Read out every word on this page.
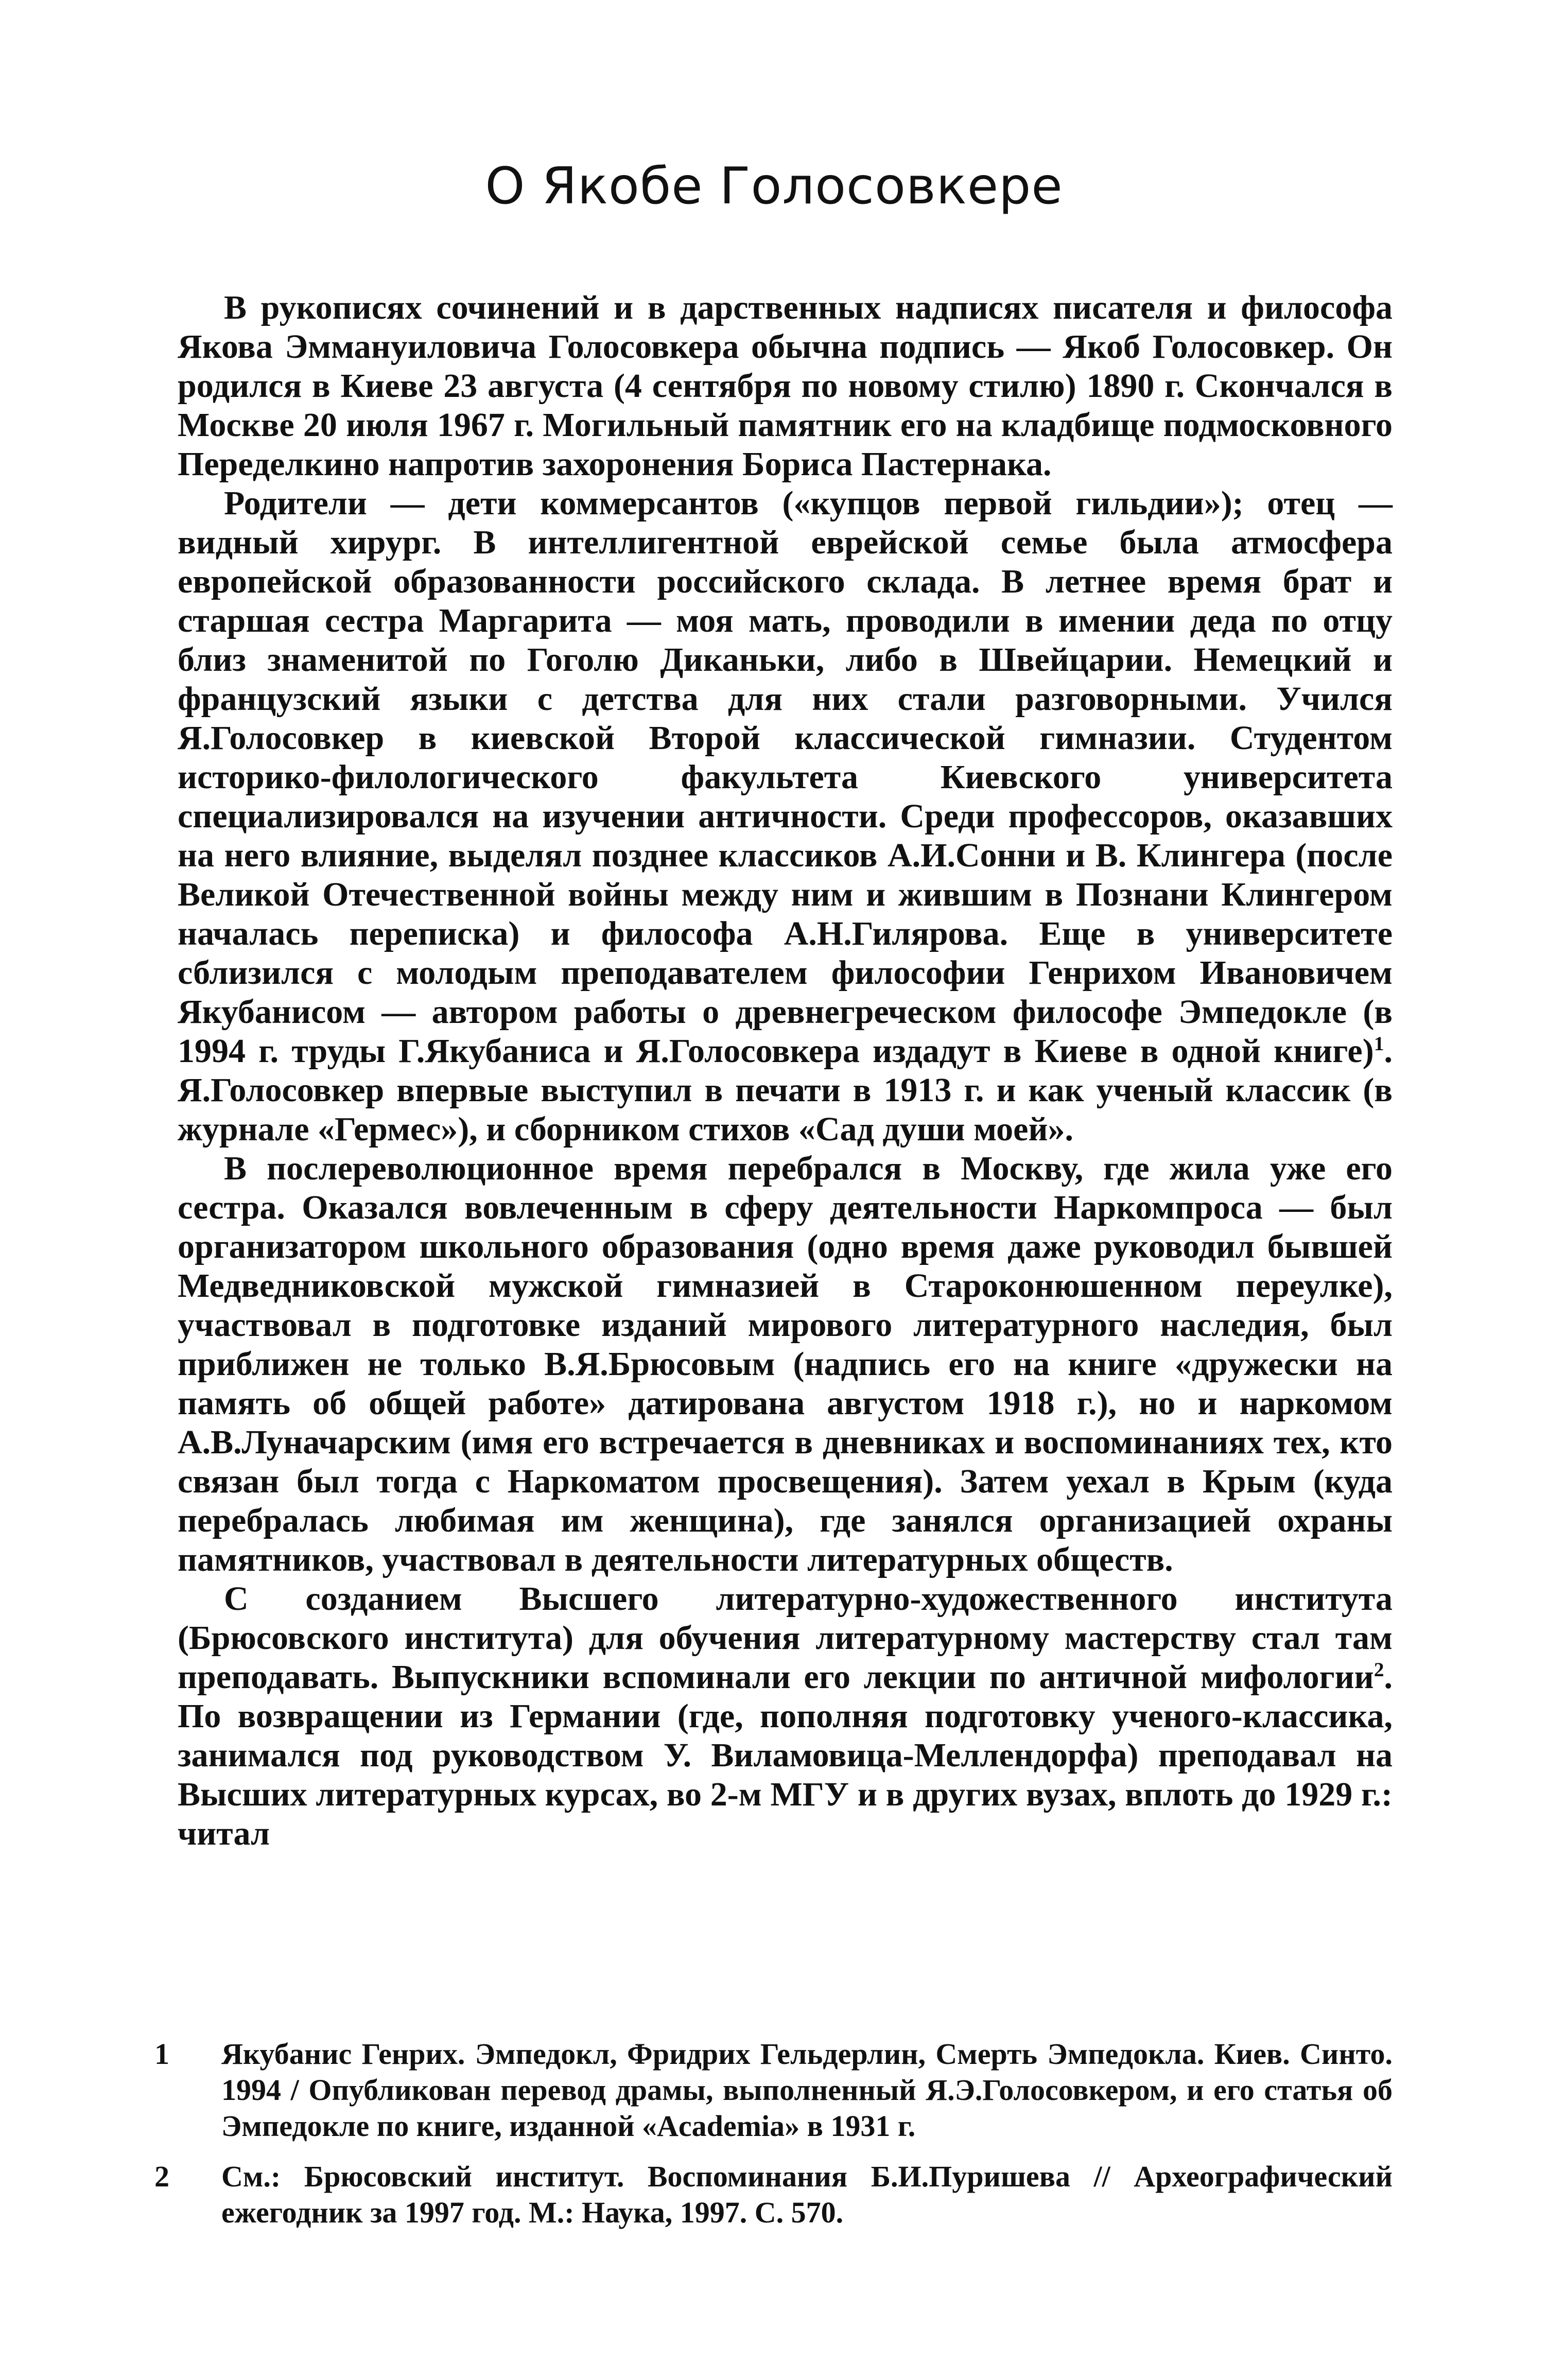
О Якобе Голосовкере

В рукописях сочинений и в дарственных надписях писателя и философа Якова Эммануиловича Голосовкера обычна подпись — Якоб Голосовкер. Он родился в Киеве 23 августа (4 сентября по новому стилю) 1890 г. Скончался в Москве 20 июля 1967 г. Могильный памятник его на кладбище подмосковного Переделкино напротив захоронения Бориса Пастернака.

Родители — дети коммерсантов («купцов первой гильдии»); отец — видный хирург. В интеллигентной еврейской семье была атмосфера европейской образованности российского склада. В летнее время брат и старшая сестра Маргарита — моя мать, проводили в имении деда по отцу близ знаменитой по Гоголю Диканьки, либо в Швейцарии. Немецкий и французский языки с детства для них стали разговорными. Учился Я.Голосовкер в киевской Второй классической гимназии. Студентом историко-филологического факультета Киевского университета специализировался на изучении античности. Среди профессоров, оказавших на него влияние, выделял позднее классиков А.И.Сонни и В. Клингера (после Великой Отечественной войны между ним и жившим в Познани Клингером началась переписка) и философа А.Н.Гилярова. Еще в университете сблизился с молодым преподавателем философии Генрихом Ивановичем Якубанисом — автором работы о древнегреческом философе Эмпедокле (в 1994 г. труды Г.Якубаниса и Я.Голосовкера издадут в Киеве в одной книге)$^1$. Я.Голосовкер впервые выступил в печати в 1913 г. и как ученый классик (в журнале «Гермес»), и сборником стихов «Сад души моей».

В послереволюционное время перебрался в Москву, где жила уже его сестра. Оказался вовлеченным в сферу деятельности Наркомпроса — был организатором школьного образования (одно время даже руководил бывшей Медведниковской мужской гимназией в Староконюшенном переулке), участвовал в подготовке изданий мирового литературного наследия, был приближен не только В.Я.Брюсовым (надпись его на книге «дружески на память об общей работе» датирована августом 1918 г.), но и наркомом А.В.Луначарским (имя его встречается в дневниках и воспоминаниях тех, кто связан был тогда с Наркоматом просвещения). Затем уехал в Крым (куда перебралась любимая им женщина), где занялся организацией охраны памятников, участвовал в деятельности литературных обществ.

С созданием Высшего литературно-художественного института (Брюсовского института) для обучения литературному мастерству стал там преподавать. Выпускники вспоминали его лекции по античной мифологии$^2$. По возвращении из Германии (где, пополняя подготовку ученого-классика, занимался под руководством У. Виламовица-Меллендорфа) преподавал на Высших литературных курсах, во 2-м МГУ и в других вузах, вплоть до 1929 г.: читал

1	Якубанис Генрих. Эмпедокл, Фридрих Гельдерлин, Смерть Эмпедокла. Киев. Синто. 1994 / Опубликован перевод драмы, выполненный Я.Э.Голосовкером, и его статья об Эмпедокле по книге, изданной «Academia» в 1931 г.
2	См.: Брюсовский институт. Воспоминания Б.И.Пуришева // Археографический ежегодник за 1997 год. М.: Наука, 1997. С. 570.
